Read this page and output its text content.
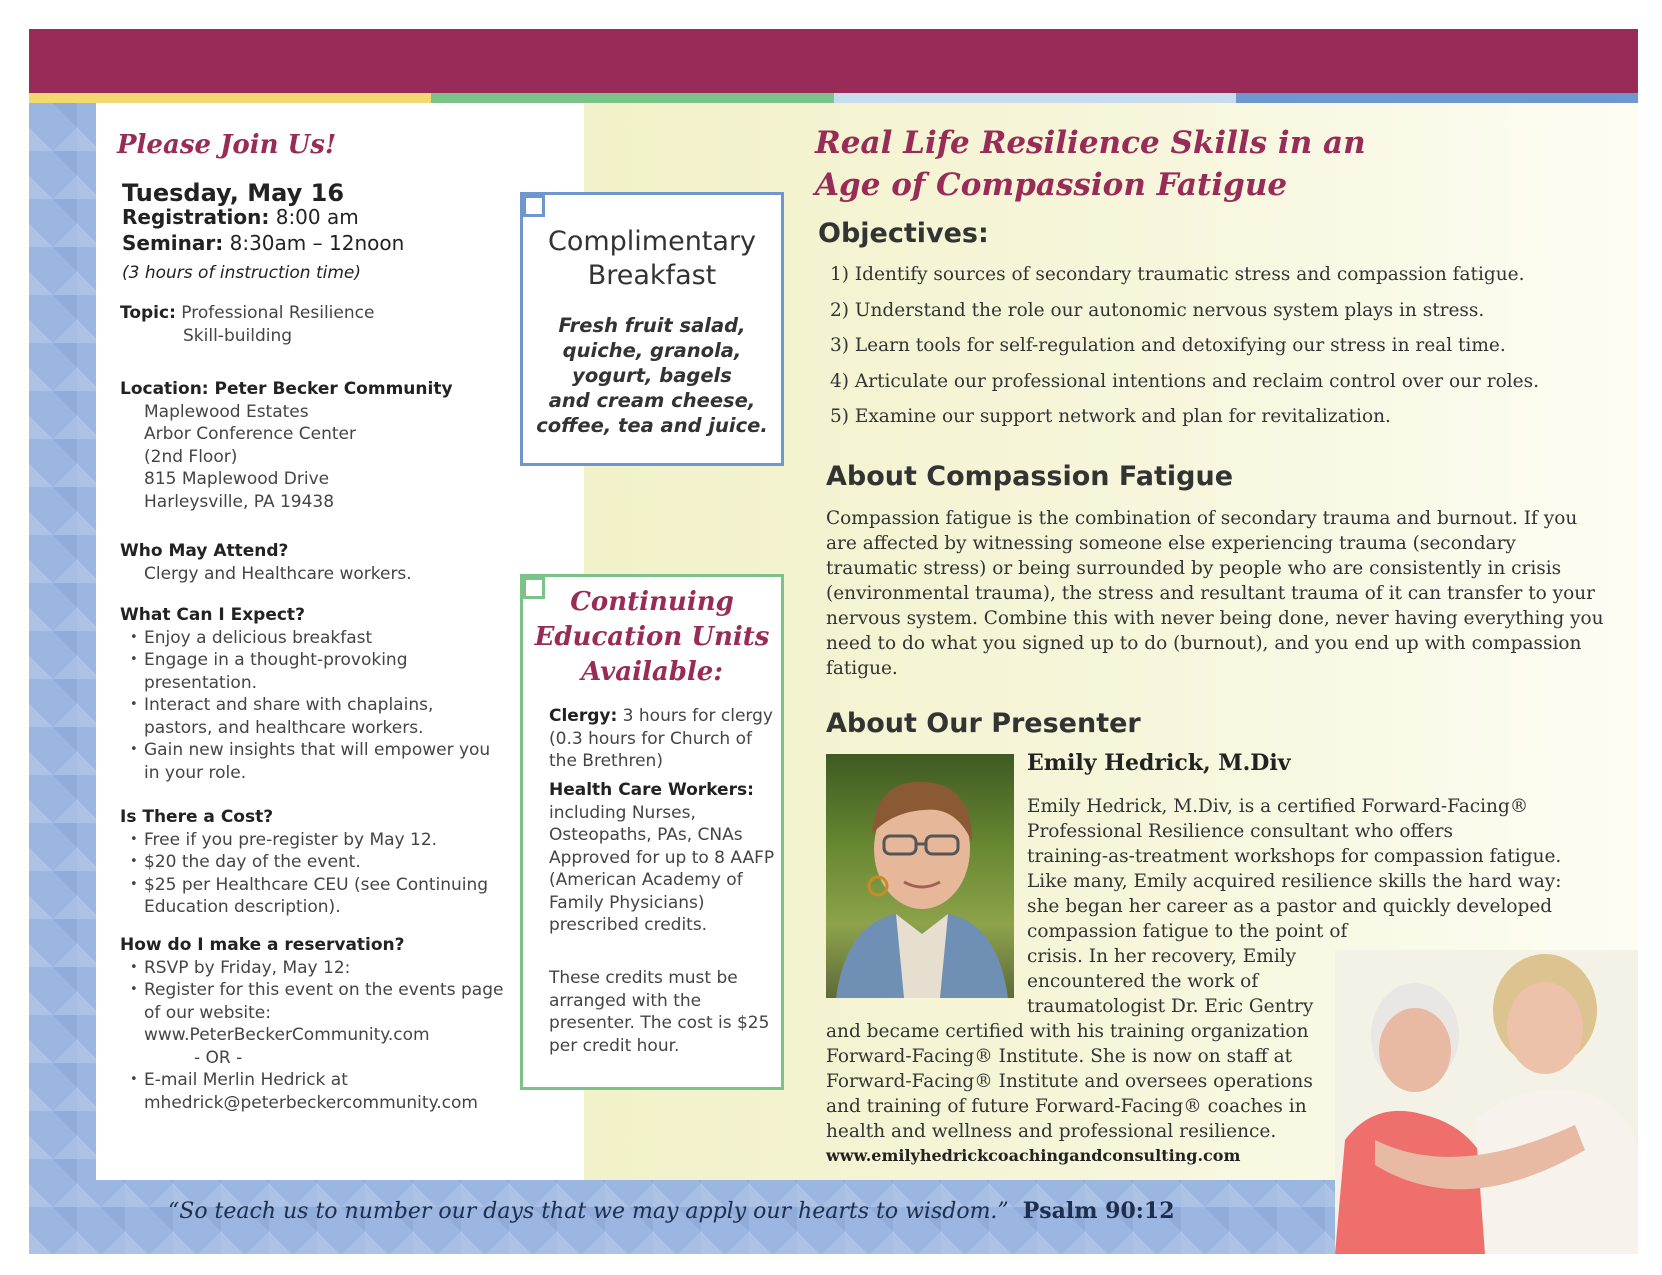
Please Join Us!
Tuesday, May 16
Registration: 8:00 am
Seminar: 8:30am – 12noon
(3 hours of instruction time)
Topic: Professional Resilience
Skill-building
Location: Peter Becker Community
Maplewood Estates
Arbor Conference Center
(2nd Floor)
815 Maplewood Drive
Harleysville, PA 19438
Who May Attend?
Clergy and Healthcare workers.
What Can I Expect?
• Enjoy a delicious breakfast
• Engage in a thought-provoking presentation.
• Interact and share with chaplains, pastors, and healthcare workers.
• Gain new insights that will empower you in your role.
Is There a Cost?
• Free if you pre-register by May 12.
• $20 the day of the event.
• $25 per Healthcare CEU (see Continuing Education description).
How do I make a reservation?
• RSVP by Friday, May 12:
• Register for this event on the events page of our website:
www.PeterBeckerCommunity.com
- OR -
• E-mail Merlin Hedrick at
mhedrick@peterbeckercommunity.com
Complimentary
Breakfast
Fresh fruit salad,
quiche, granola,
yogurt, bagels
and cream cheese,
coffee, tea and juice.
Continuing
Education Units
Available:
Clergy: 3 hours for clergy (0.3 hours for Church of the Brethren)
Health Care Workers:
including Nurses, Osteopaths, PAs, CNAs Approved for up to 8 AAFP (American Academy of Family Physicians) prescribed credits.
These credits must be arranged with the presenter. The cost is $25 per credit hour.
Real Life Resilience Skills in an
Age of Compassion Fatigue
Objectives:
1) Identify sources of secondary traumatic stress and compassion fatigue.
2) Understand the role our autonomic nervous system plays in stress.
3) Learn tools for self-regulation and detoxifying our stress in real time.
4) Articulate our professional intentions and reclaim control over our roles.
5) Examine our support network and plan for revitalization.
About Compassion Fatigue
Compassion fatigue is the combination of secondary trauma and burnout. If you are affected by witnessing someone else experiencing trauma (secondary traumatic stress) or being surrounded by people who are consistently in crisis (environmental trauma), the stress and resultant trauma of it can transfer to your nervous system. Combine this with never being done, never having everything you need to do what you signed up to do (burnout), and you end up with compassion fatigue.
About Our Presenter
Emily Hedrick, M.Div
Emily Hedrick, M.Div, is a certified Forward-Facing®
Professional Resilience consultant who offers
training-as-treatment workshops for compassion fatigue.
Like many, Emily acquired resilience skills the hard way:
she began her career as a pastor and quickly developed
compassion fatigue to the point of
crisis. In her recovery, Emily
encountered the work of
traumatologist Dr. Eric Gentry
and became certified with his training organization
Forward-Facing® Institute. She is now on staff at
Forward-Facing® Institute and oversees operations
and training of future Forward-Facing® coaches in
health and wellness and professional resilience.
www.emilyhedrickcoachingandconsulting.com
“So teach us to number our days that we may apply our hearts to wisdom.” Psalm 90:12
